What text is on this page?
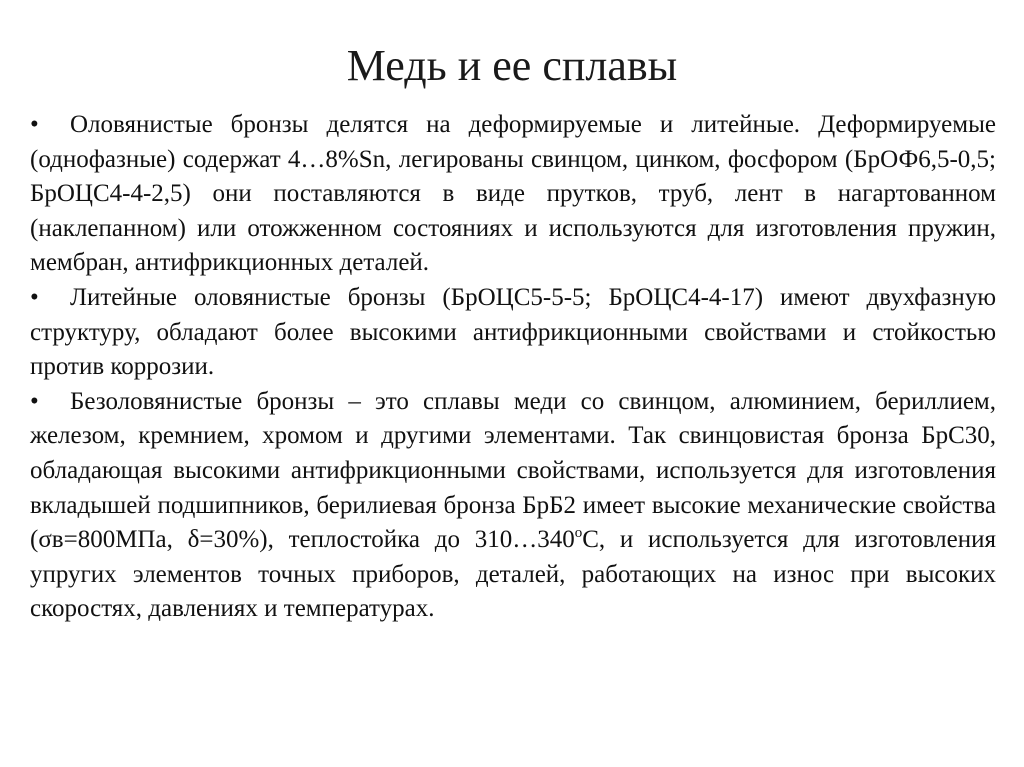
Медь и ее сплавы

• Оловянистые бронзы делятся на деформируемые и литейные. Деформируемые (однофазные) содержат 4…8%Sn, легированы свинцом, цинком, фосфором (БрОФ6,5-0,5; БрОЦС4-4-2,5) они поставляются в виде прутков, труб, лент в нагартованном (наклепанном) или отожженном состояниях и используются для изготовления пружин, мембран, антифрикционных деталей.

• Литейные оловянистые бронзы (БрОЦС5-5-5; БрОЦС4-4-17) имеют двухфазную структуру, обладают более высокими антифрикционными свойствами и стойкостью против коррозии.

• Безоловянистые бронзы – это сплавы меди со свинцом, алюминием, бериллием, железом, кремнием, хромом и другими элементами. Так свинцовистая бронза БрС30, обладающая высокими антифрикционными свойствами, используется для изготовления вкладышей подшипников, берилиевая бронза БрБ2 имеет высокие механические свойства (σв=800МПа, δ=30%), теплостойка до $310\dots 340^оС$, и используется для изготовления упругих элементов точных приборов, деталей, работающих на износ при высоких скоростях, давлениях и температурах.
